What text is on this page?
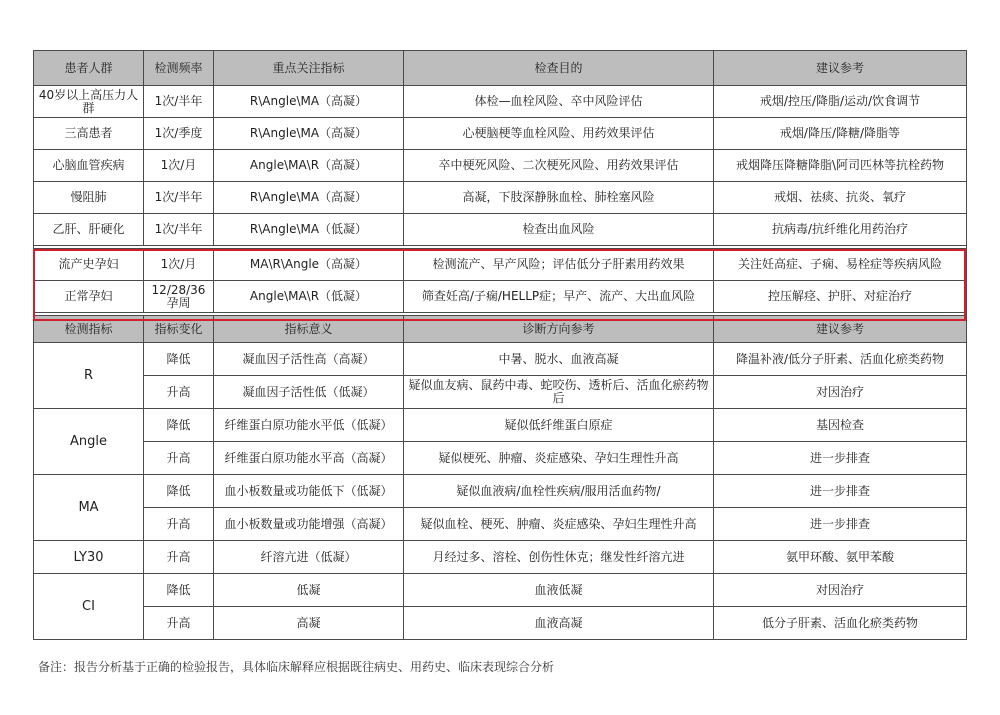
患者人群	检测频率	重点关注指标	检查目的	建议参考
40岁以上高压力人群	1次/半年	R\Angle\MA（高凝）	体检—血栓风险、卒中风险评估	戒烟/控压/降脂/运动/饮食调节
三高患者	1次/季度	R\Angle\MA（高凝）	心梗脑梗等血栓风险、用药效果评估	戒烟/降压/降糖/降脂等
心脑血管疾病	1次/月	Angle\MA\R（高凝）	卒中梗死风险、二次梗死风险、用药效果评估	戒烟降压降糖降脂\阿司匹林等抗栓药物
慢阻肺	1次/半年	R\Angle\MA（高凝）	高凝，下肢深静脉血栓、肺栓塞风险	戒烟、祛痰、抗炎、氧疗
乙肝、肝硬化	1次/半年	R\Angle\MA（低凝）	检查出血风险	抗病毒/抗纤维化用药治疗

流产史孕妇	1次/月	MA\R\Angle（高凝）	检测流产、早产风险；评估低分子肝素用药效果	关注妊高症、子痫、易栓症等疾病风险
正常孕妇	12/28/36孕周	Angle\MA\R（低凝）	筛查妊高/子痫/HELLP症；早产、流产、大出血风险	控压解痉、护肝、对症治疗

检测指标	指标变化	指标意义	诊断方向参考	建议参考
R	降低	凝血因子活性高（高凝）	中暑、脱水、血液高凝	降温补液/低分子肝素、活血化瘀类药物
	升高	凝血因子活性低（低凝）	疑似血友病、鼠药中毒、蛇咬伤、透析后、活血化瘀药物后	对因治疗
Angle	降低	纤维蛋白原功能水平低（低凝）	疑似低纤维蛋白原症	基因检查
	升高	纤维蛋白原功能水平高（高凝）	疑似梗死、肿瘤、炎症感染、孕妇生理性升高	进一步排查
MA	降低	血小板数量或功能低下（低凝）	疑似血液病/血栓性疾病/服用活血药物/	进一步排查
	升高	血小板数量或功能增强（高凝）	疑似血栓、梗死、肿瘤、炎症感染、孕妇生理性升高	进一步排查
LY30	升高	纤溶亢进（低凝）	月经过多、溶栓、创伤性休克；继发性纤溶亢进	氨甲环酸、氨甲苯酸
CI	降低	低凝	血液低凝	对因治疗
	升高	高凝	血液高凝	低分子肝素、活血化瘀类药物
备注：报告分析基于正确的检验报告，具体临床解释应根据既往病史、用药史、临床表现综合分析
